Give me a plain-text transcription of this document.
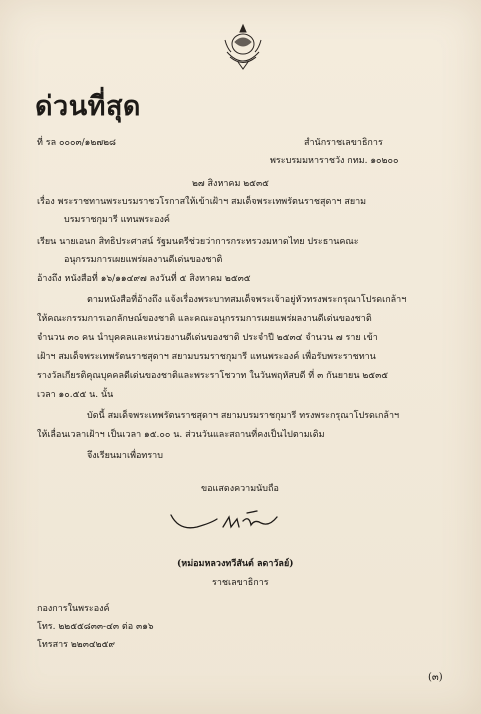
ด่วนที่สุด
ที่ รล ๐๐๐๓/๑๒๗๒๘	สำนักราชเลขาธิการ
พระบรมมหาราชวัง กทม. ๑๐๒๐๐
๒๗ สิงหาคม ๒๕๓๕
เรื่อง พระราชทานพระบรมราชวโรกาสให้เข้าเฝ้าฯ สมเด็จพระเทพรัตนราชสุดาฯ สยาม
บรมราชกุมารี แทนพระองค์
เรียน นายเอนก สิทธิประศาสน์ รัฐมนตรีช่วยว่าการกระทรวงมหาดไทย ประธานคณะ
อนุกรรมการเผยแพร่ผลงานดีเด่นของชาติ
อ้างถึง หนังสือที่ ๑๖/๑๑๔๙๗ ลงวันที่ ๕ สิงหาคม ๒๕๓๕
ตามหนังสือที่อ้างถึง แจ้งเรื่องพระบาทสมเด็จพระเจ้าอยู่หัวทรงพระกรุณาโปรดเกล้าฯ
ให้คณะกรรมการเอกลักษณ์ของชาติ และคณะอนุกรรมการเผยแพร่ผลงานดีเด่นของชาติ
จำนวน ๓๐ คน นำบุคคลและหน่วยงานดีเด่นของชาติ ประจำปี ๒๕๓๔ จำนวน ๗ ราย เข้า
เฝ้าฯ สมเด็จพระเทพรัตนราชสุดาฯ สยามบรมราชกุมารี แทนพระองค์ เพื่อรับพระราชทาน
รางวัลเกียรติคุณบุคคลดีเด่นของชาติและพระราโชวาท ในวันพฤหัสบดี ที่ ๓ กันยายน ๒๕๓๕
เวลา ๑๐.๕๕ น. นั้น
บัดนี้ สมเด็จพระเทพรัตนราชสุดาฯ สยามบรมราชกุมารี ทรงพระกรุณาโปรดเกล้าฯ
ให้เลื่อนเวลาเฝ้าฯ เป็นเวลา ๑๕.๐๐ น. ส่วนวันและสถานที่คงเป็นไปตามเดิม
จึงเรียนมาเพื่อทราบ
ขอแสดงความนับถือ
(หม่อมหลวงทวีสันต์ ลดาวัลย์)
ราชเลขาธิการ
กองการในพระองค์
โทร. ๒๒๕๕๘๓๓-๔๓ ต่อ ๓๑๖
โทรสาร ๒๒๓๔๒๕๙
(๓)
